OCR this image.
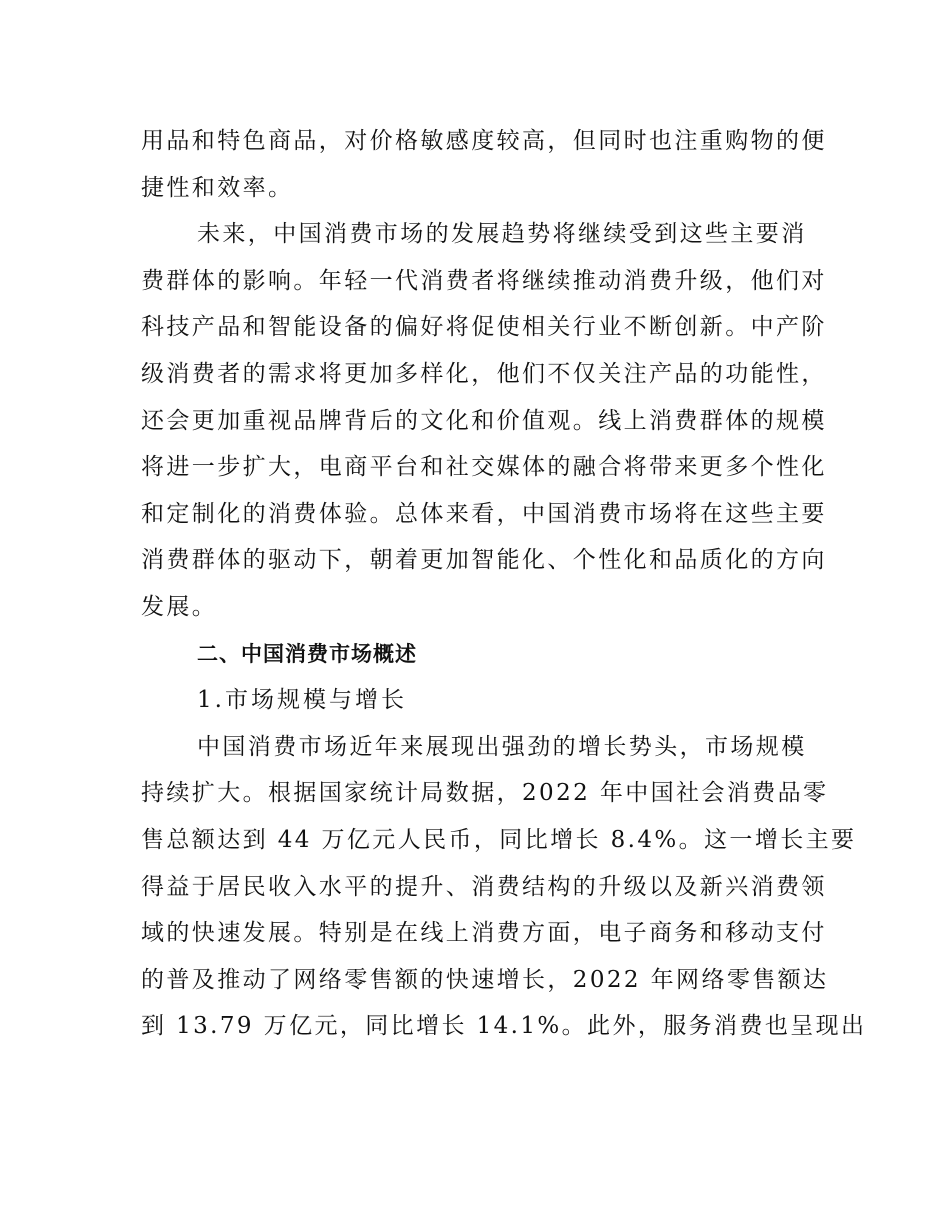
用品和特色商品，对价格敏感度较高，但同时也注重购物的便
捷性和效率。
未来，中国消费市场的发展趋势将继续受到这些主要消
费群体的影响。年轻一代消费者将继续推动消费升级，他们对
科技产品和智能设备的偏好将促使相关行业不断创新。中产阶
级消费者的需求将更加多样化，他们不仅关注产品的功能性，
还会更加重视品牌背后的文化和价值观。线上消费群体的规模
将进一步扩大，电商平台和社交媒体的融合将带来更多个性化
和定制化的消费体验。总体来看，中国消费市场将在这些主要
消费群体的驱动下，朝着更加智能化、个性化和品质化的方向
发展。
二、中国消费市场概述
1.市场规模与增长
中国消费市场近年来展现出强劲的增长势头，市场规模
持续扩大。根据国家统计局数据，2022 年中国社会消费品零
售总额达到 44 万亿元人民币，同比增长 8.4%。这一增长主要
得益于居民收入水平的提升、消费结构的升级以及新兴消费领
域的快速发展。特别是在线上消费方面，电子商务和移动支付
的普及推动了网络零售额的快速增长，2022 年网络零售额达
到 13.79 万亿元，同比增长 14.1%。此外，服务消费也呈现出
